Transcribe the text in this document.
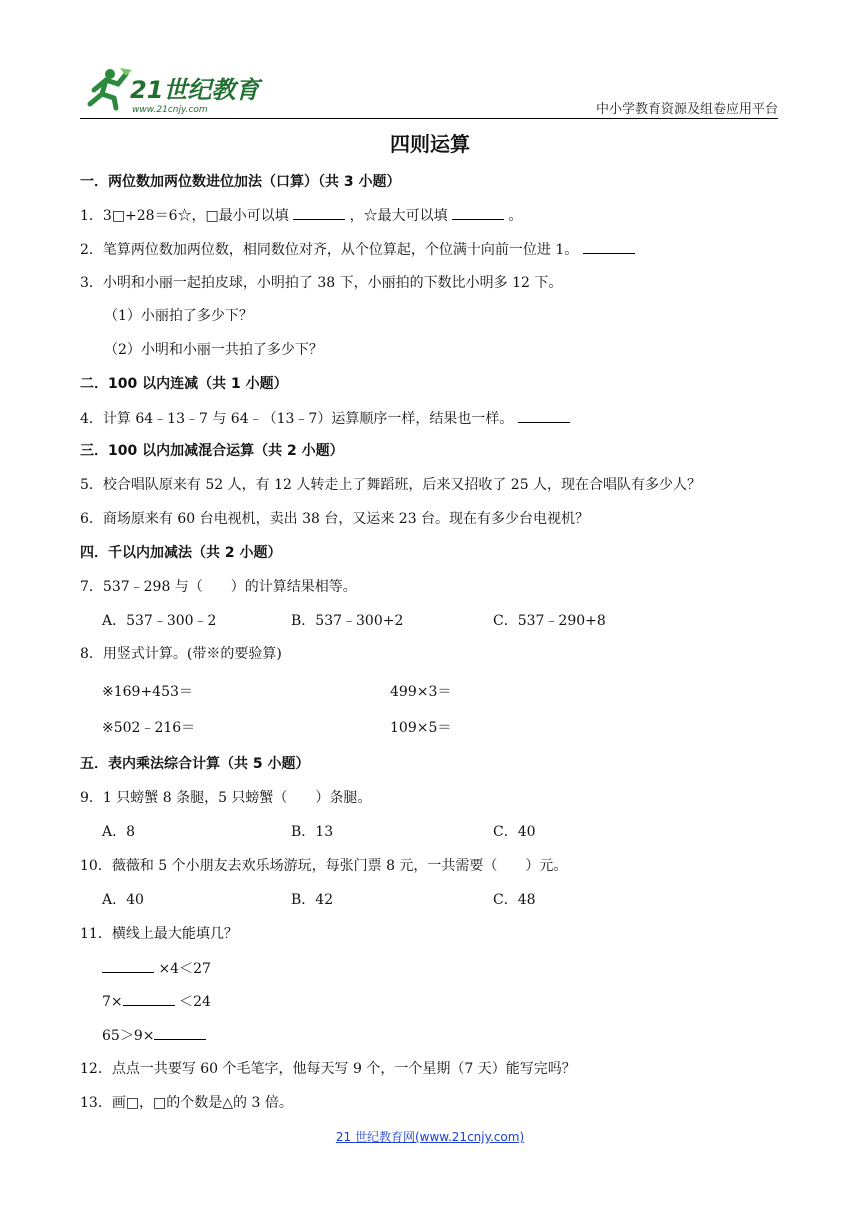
21世纪教育
www.21cnjy.com	中小学教育资源及组卷应用平台
四则运算
一．两位数加两位数进位加法（口算）（共 3 小题）
1．3□+28＝6☆，□最小可以填	，☆最大可以填	。
2．笔算两位数加两位数，相同数位对齐，从个位算起，个位满十向前一位进 1。
3．小明和小丽一起拍皮球，小明拍了 38 下，小丽拍的下数比小明多 12 下。
（1）小丽拍了多少下？
（2）小明和小丽一共拍了多少下？
二．100 以内连减（共 1 小题）
4．计算 64﹣13﹣7 与 64﹣（13﹣7）运算顺序一样，结果也一样。
三．100 以内加减混合运算（共 2 小题）
5．校合唱队原来有 52 人，有 12 人转走上了舞蹈班，后来又招收了 25 人，现在合唱队有多少人？
6．商场原来有 60 台电视机，卖出 38 台，又运来 23 台。现在有多少台电视机？
四．千以内加减法（共 2 小题）
7．537﹣298 与（　　）的计算结果相等。
A．537﹣300﹣2	B．537﹣300+2	C．537﹣290+8
8．用竖式计算。(带※的要验算)
※169+453＝	499×3＝
※502﹣216＝	109×5＝
五．表内乘法综合计算（共 5 小题）
9．1 只螃蟹 8 条腿，5 只螃蟹（　　）条腿。
A．8	B．13	C．40
10．薇薇和 5 个小朋友去欢乐场游玩，每张门票 8 元，一共需要（　　）元。
A．40	B．42	C．48
11．横线上最大能填几？
×4＜27
7×	＜24
65＞9×
12．点点一共要写 60 个毛笔字，他每天写 9 个，一个星期（7 天）能写完吗？
13．画□，□的个数是△的 3 倍。
21 世纪教育网(www.21cnjy.com)
